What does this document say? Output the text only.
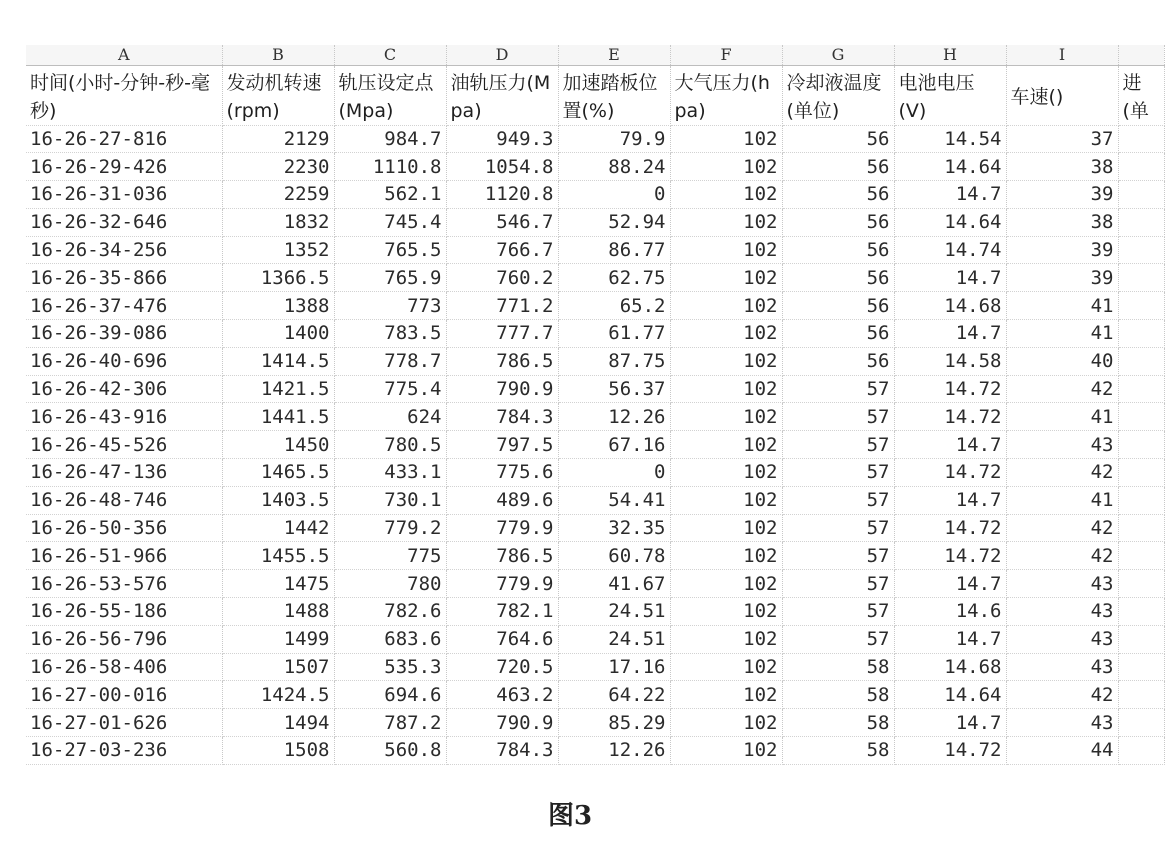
A	B	C	D	E	F	G	H	I	
时间(小时-分钟-秒-毫秒)	发动机转速(rpm)	轨压设定点(Mpa)	油轨压力(Mpa)	加速踏板位置(%)	大气压力(hpa)	冷却液温度(单位)	电池电压(V)	车速()	进(单
16-26-27-816	2129	984.7	949.3	79.9	102	56	14.54	37	
16-26-29-426	2230	1110.8	1054.8	88.24	102	56	14.64	38	
16-26-31-036	2259	562.1	1120.8	0	102	56	14.7	39	
16-26-32-646	1832	745.4	546.7	52.94	102	56	14.64	38	
16-26-34-256	1352	765.5	766.7	86.77	102	56	14.74	39	
16-26-35-866	1366.5	765.9	760.2	62.75	102	56	14.7	39	
16-26-37-476	1388	773	771.2	65.2	102	56	14.68	41	
16-26-39-086	1400	783.5	777.7	61.77	102	56	14.7	41	
16-26-40-696	1414.5	778.7	786.5	87.75	102	56	14.58	40	
16-26-42-306	1421.5	775.4	790.9	56.37	102	57	14.72	42	
16-26-43-916	1441.5	624	784.3	12.26	102	57	14.72	41	
16-26-45-526	1450	780.5	797.5	67.16	102	57	14.7	43	
16-26-47-136	1465.5	433.1	775.6	0	102	57	14.72	42	
16-26-48-746	1403.5	730.1	489.6	54.41	102	57	14.7	41	
16-26-50-356	1442	779.2	779.9	32.35	102	57	14.72	42	
16-26-51-966	1455.5	775	786.5	60.78	102	57	14.72	42	
16-26-53-576	1475	780	779.9	41.67	102	57	14.7	43	
16-26-55-186	1488	782.6	782.1	24.51	102	57	14.6	43	
16-26-56-796	1499	683.6	764.6	24.51	102	57	14.7	43	
16-26-58-406	1507	535.3	720.5	17.16	102	58	14.68	43	
16-27-00-016	1424.5	694.6	463.2	64.22	102	58	14.64	42	
16-27-01-626	1494	787.2	790.9	85.29	102	58	14.7	43	
16-27-03-236	1508	560.8	784.3	12.26	102	58	14.72	44	
图3
